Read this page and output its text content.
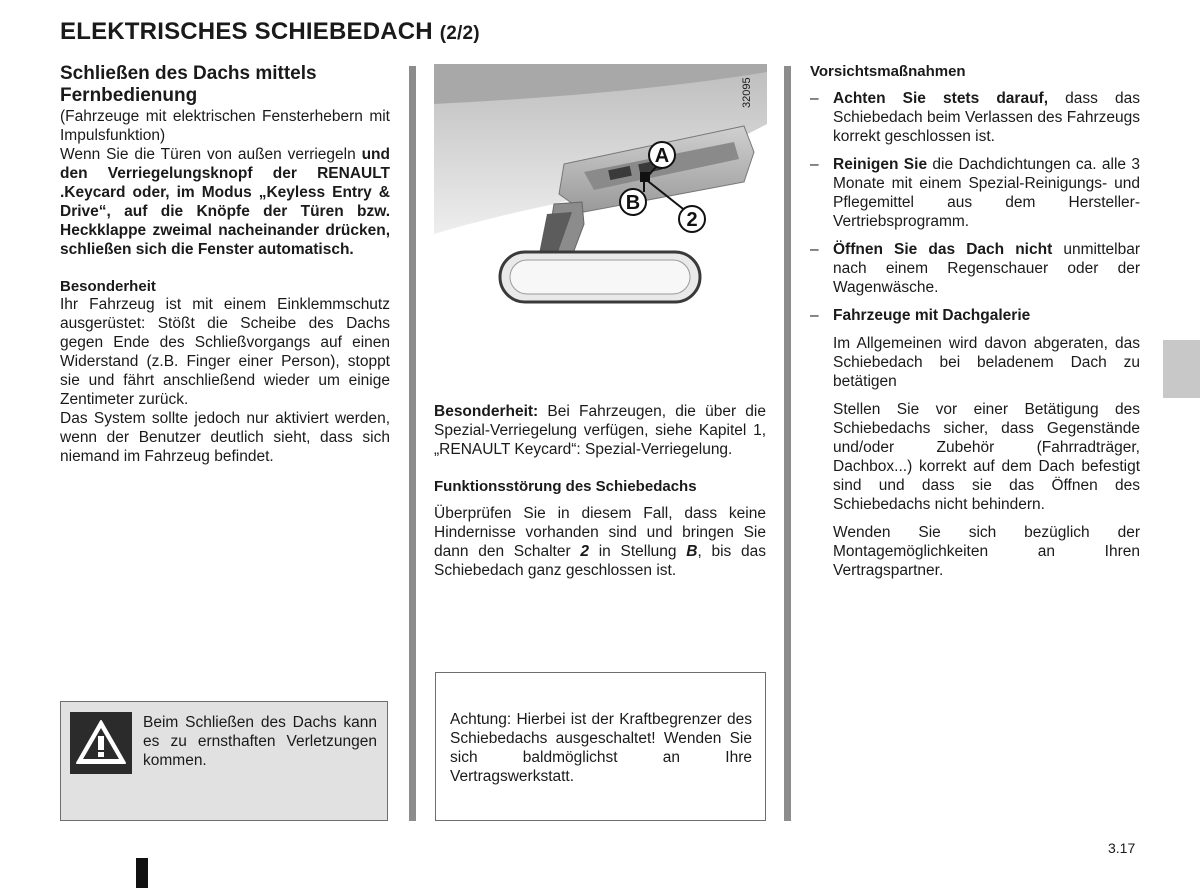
ELEKTRISCHES SCHIEBEDACH (2/2)
Schließen des Dachs mittels Fernbedienung

(Fahrzeuge mit elektrischen Fensterhebern mit Impulsfunktion)

Wenn Sie die Türen von außen verriegeln und den Verriegelungsknopf der RENAULT .Keycard oder, im Modus „Keyless Entry & Drive“, auf die Knöpfe der Türen bzw. Heckklappe zweimal nacheinander drücken, schließen sich die Fenster automatisch.

Besonderheit

Ihr Fahrzeug ist mit einem Einklemmschutz ausgerüstet: Stößt die Scheibe des Dachs gegen Ende des Schließvorgangs auf einen Widerstand (z.B. Finger einer Person), stoppt sie und fährt anschließend wieder um einige Zentimeter zurück.

Das System sollte jedoch nur aktiviert werden, wenn der Benutzer deutlich sieht, dass sich niemand im Fahrzeug befindet.

A
B
2
32095

Besonderheit: Bei Fahrzeugen, die über die Spezial-Verriegelung verfügen, siehe Kapitel 1, „RENAULT Keycard“: Spezial-Verriegelung.

Funktionsstörung des Schiebedachs

Überprüfen Sie in diesem Fall, dass keine Hindernisse vorhanden sind und bringen Sie dann den Schalter 2 in Stellung B, bis das Schiebedach ganz geschlossen ist.

Beim Schließen des Dachs kann es zu ernsthaften Verletzungen kommen.
Achtung: Hierbei ist der Kraftbegrenzer des Schiebedachs ausgeschaltet! Wenden Sie sich baldmöglichst an Ihre Vertragswerkstatt.
Vorsichtsmaßnahmen
– Achten Sie stets darauf, dass das Schiebedach beim Verlassen des Fahrzeugs korrekt geschlossen ist.
– Reinigen Sie die Dachdichtungen ca. alle 3 Monate mit einem Spezial-Reinigungs- und Pflegemittel aus dem Hersteller-Vertriebsprogramm.
– Öffnen Sie das Dach nicht unmittelbar nach einem Regenschauer oder der Wagenwäsche.
– Fahrzeuge mit Dachgalerie
Im Allgemeinen wird davon abgeraten, das Schiebedach bei beladenem Dach zu betätigen
Stellen Sie vor einer Betätigung des Schiebedachs sicher, dass Gegenstände und/oder Zubehör (Fahrradträger, Dachbox...) korrekt auf dem Dach befestigt sind und dass sie das Öffnen des Schiebedachs nicht behindern.
Wenden Sie sich bezüglich der Montagemöglichkeiten an Ihren Vertragspartner.
3.17
